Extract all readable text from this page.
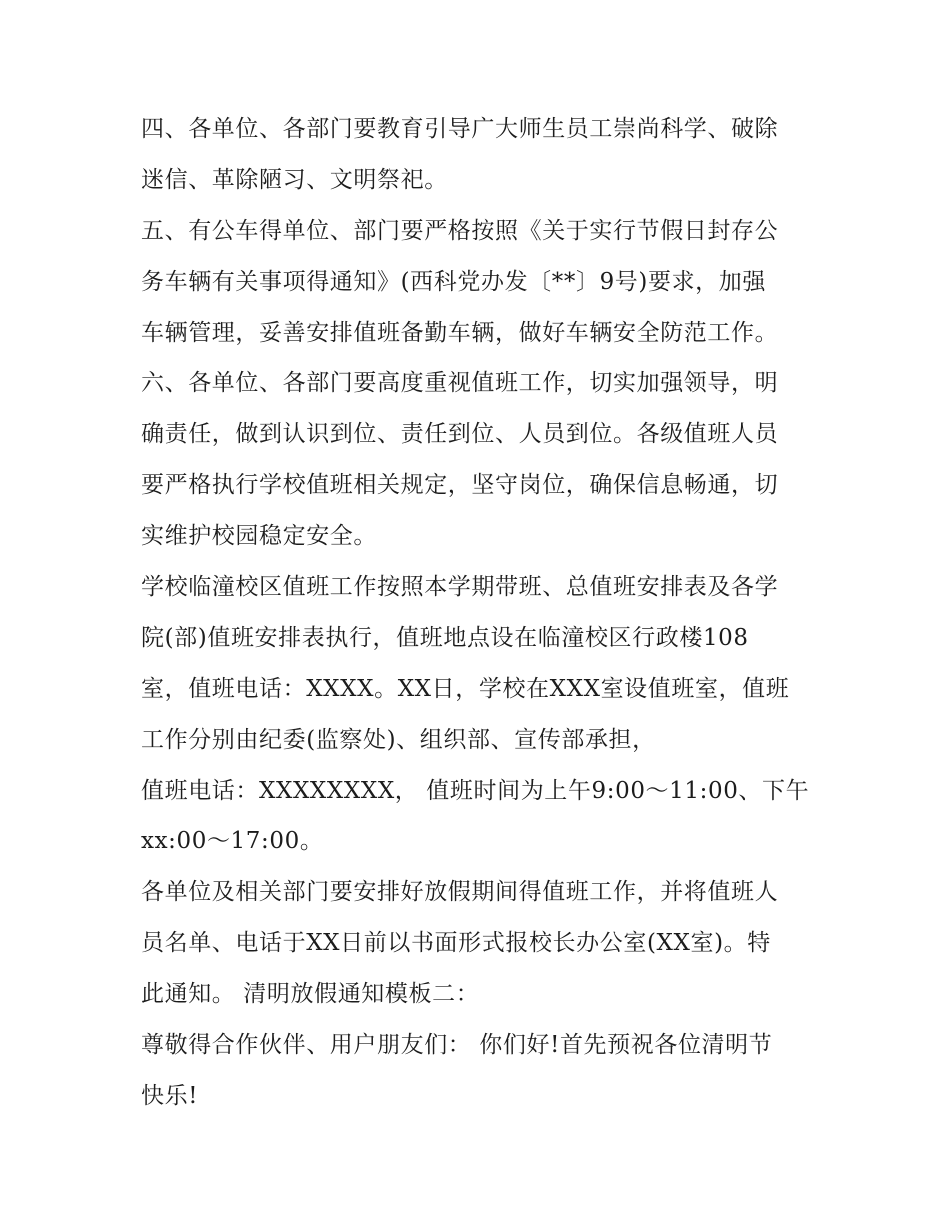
四、各单位、各部门要教育引导广大师生员工崇尚科学、破除
迷信、革除陋习、文明祭祀。
五、有公车得单位、部门要严格按照《关于实行节假日封存公
务车辆有关事项得通知》(西科党办发〔**〕9号)要求，加强
车辆管理，妥善安排值班备勤车辆，做好车辆安全防范工作。
六、各单位、各部门要高度重视值班工作，切实加强领导，明
确责任，做到认识到位、责任到位、人员到位。各级值班人员
要严格执行学校值班相关规定，坚守岗位，确保信息畅通，切
实维护校园稳定安全。
学校临潼校区值班工作按照本学期带班、总值班安排表及各学
院(部)值班安排表执行，值班地点设在临潼校区行政楼108
室，值班电话：XXXX。XX日，学校在XXX室设值班室，值班
工作分别由纪委(监察处)、组织部、宣传部承担，
值班电话：XXXXXXXX， 值班时间为上午9:00～11:00、下午
xx:00～17:00。
各单位及相关部门要安排好放假期间得值班工作，并将值班人
员名单、电话于XX日前以书面形式报校长办公室(XX室)。特
此通知。 清明放假通知模板二：
尊敬得合作伙伴、用户朋友们： 你们好!首先预祝各位清明节
快乐!
